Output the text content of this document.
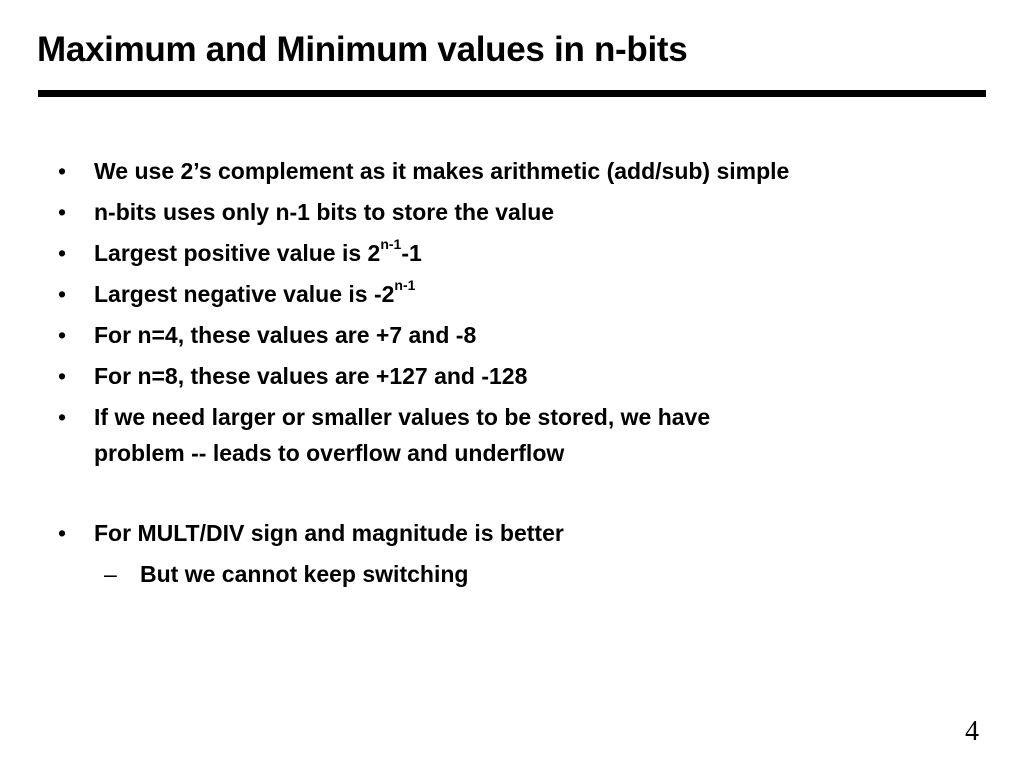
Maximum and Minimum values in n-bits
• We use 2’s complement as it makes arithmetic (add/sub) simple
• n-bits uses only n-1 bits to store the value
• Largest positive value is 2$^{n-1}$-1
• Largest negative value is -2$^{n-1}$
• For n=4, these values are +7 and -8
• For n=8, these values are +127 and -128
• If we need larger or smaller values to be stored, we have
problem -- leads to overflow and underflow
• For MULT/DIV sign and magnitude is better
– But we cannot keep switching
4
